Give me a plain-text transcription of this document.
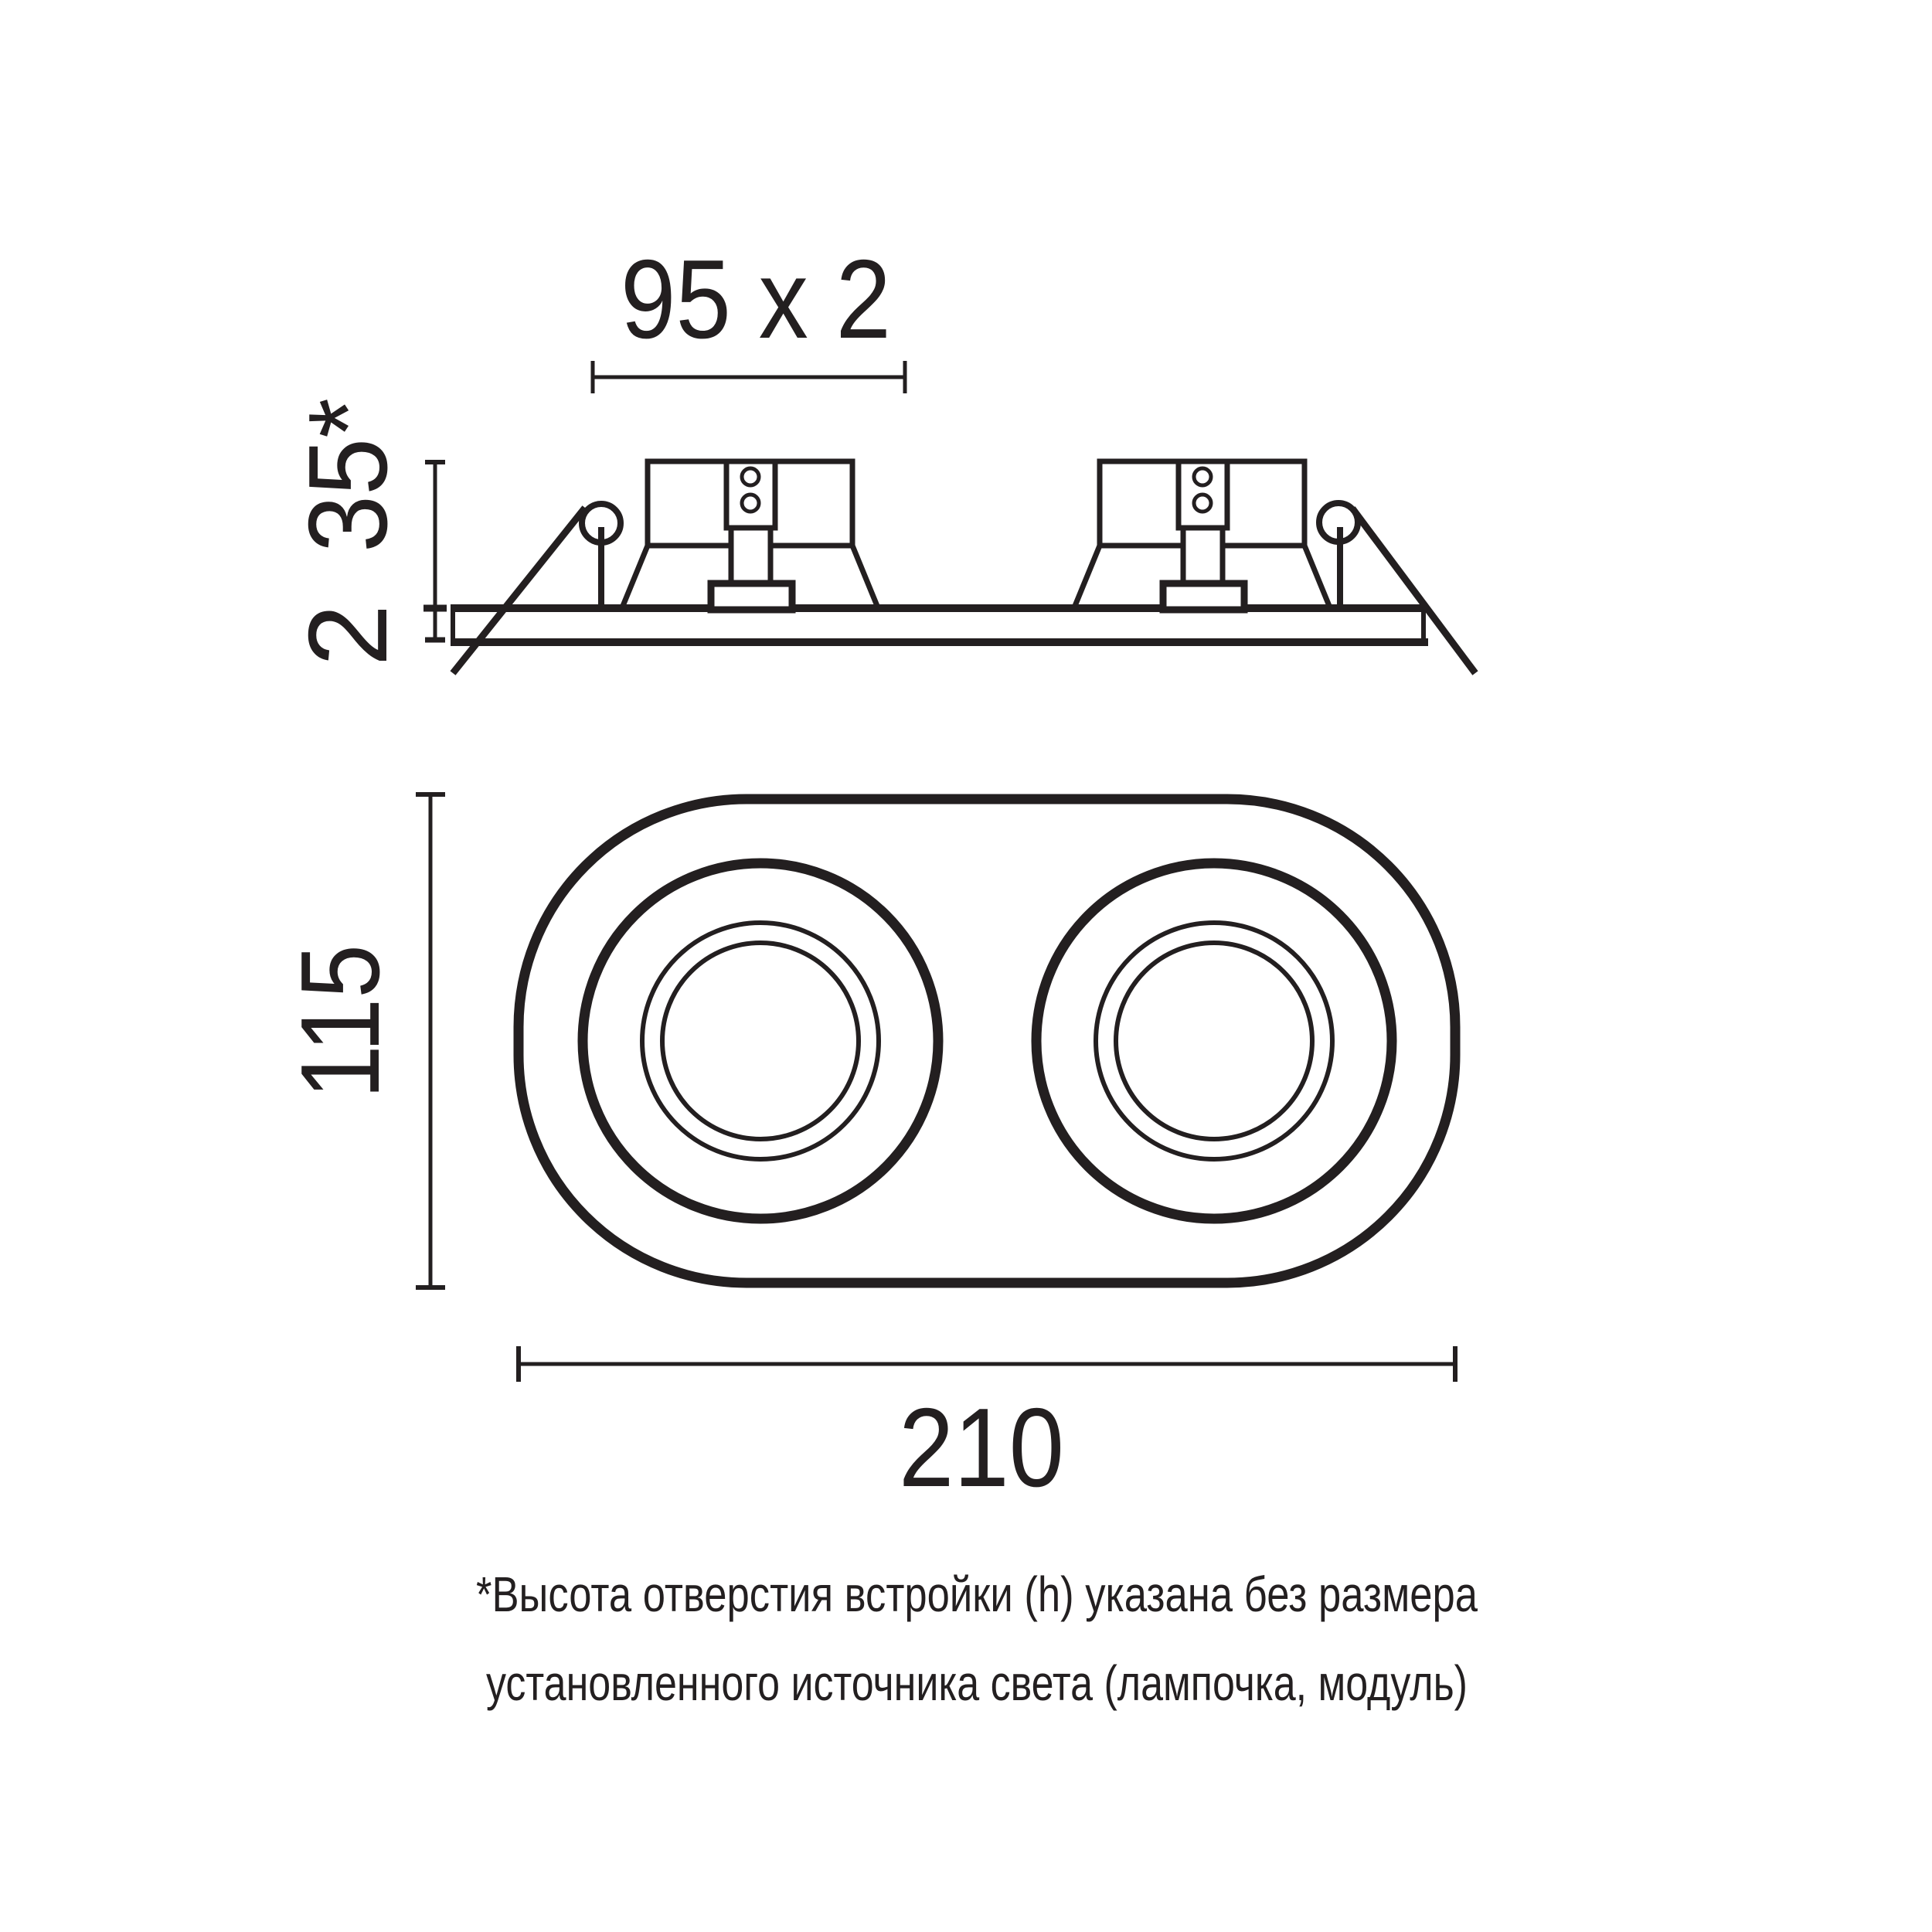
95 x 2
35*
2
115
210
*Высота отверстия встройки (h) указана без размера
установленного источника света (лампочка, модуль)
